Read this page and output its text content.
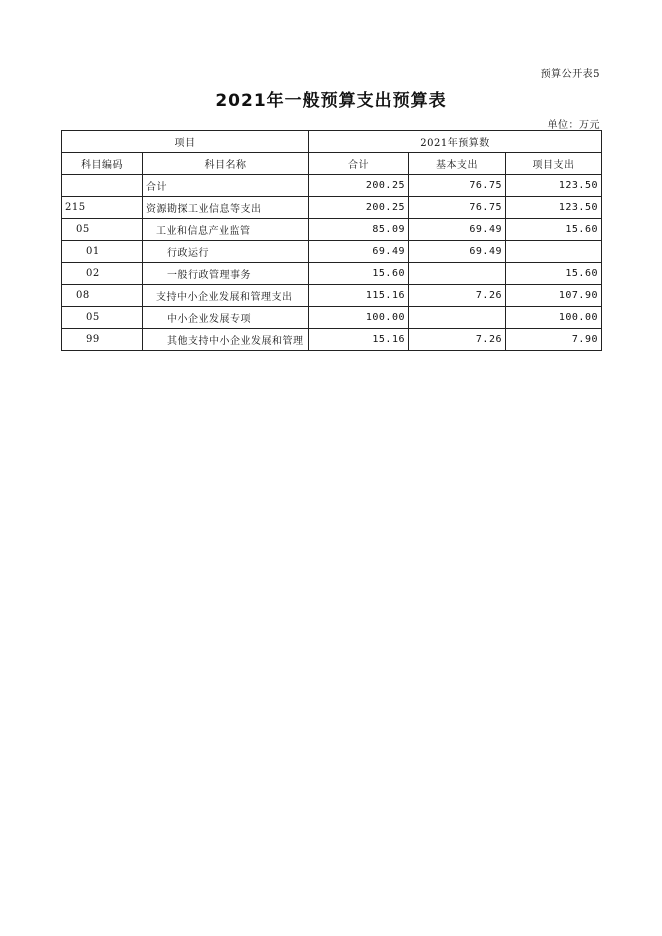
预算公开表5
2021年一般预算支出预算表
单位：万元
项目		2021年预算数		
科目编码	科目名称	合计	基本支出	项目支出
	合计	200.25	76.75	123.50
215	资源勘探工业信息等支出	200.25	76.75	123.50
05	工业和信息产业监管	85.09	69.49	15.60
01	行政运行	69.49	69.49	
02	一般行政管理事务	15.60		15.60
08	支持中小企业发展和管理支出	115.16	7.26	107.90
05	中小企业发展专项	100.00		100.00
99	其他支持中小企业发展和管理	15.16	7.26	7.90
